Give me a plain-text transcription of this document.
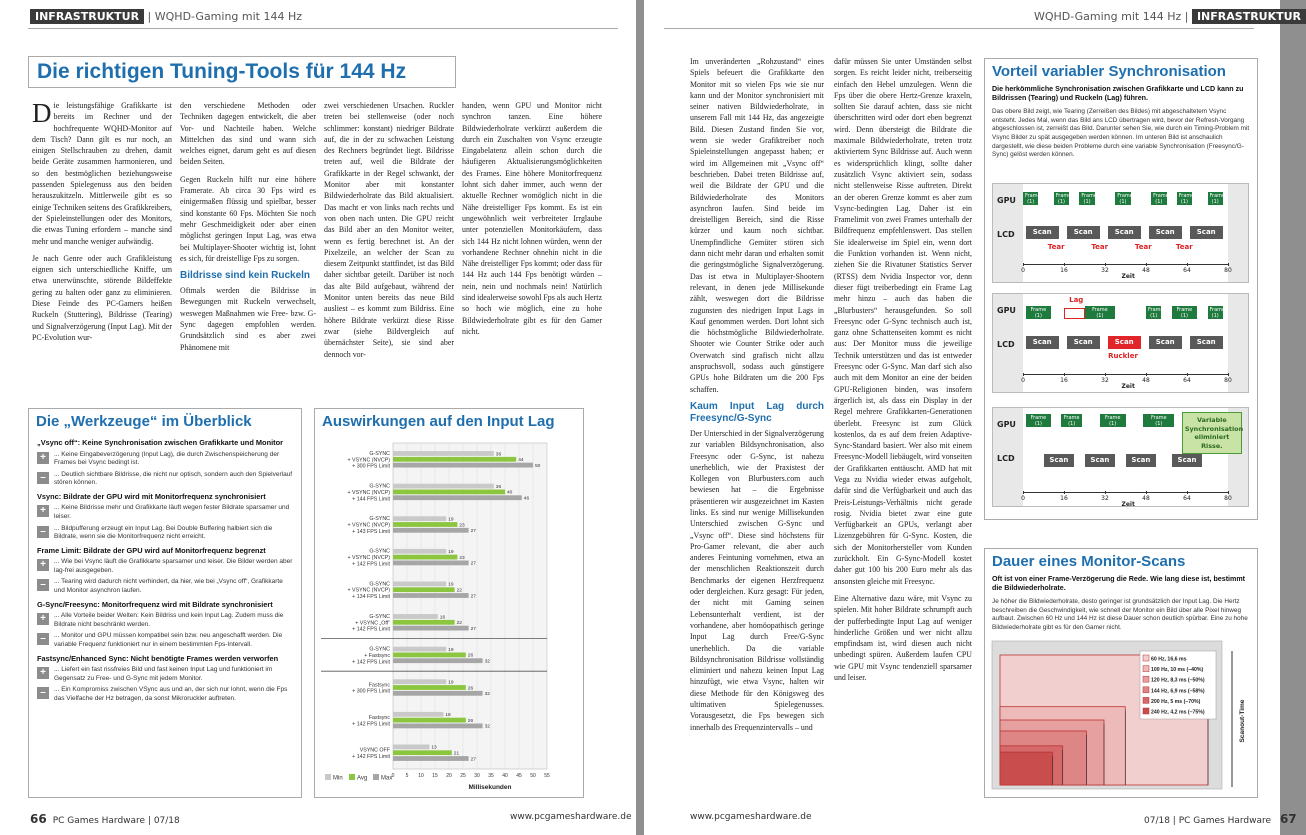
INFRASTRUKTUR | WQHD-Gaming mit 144 Hz
Die richtigen Tuning-Tools für 144 Hz

Die leistungsfähige Grafikkarte ist bereits im Rechner und der hochfrequente WQHD-Monitor auf dem Tisch? Dann gilt es nur noch, an einigen Stellschrauben zu drehen, damit beide Geräte zusammen harmonieren, und so den bestmöglichen beziehungsweise passenden Spielegenuss aus den beiden herauszukitzeln. Mittlerweile gibt es so einige Techniken seitens des Grafikkreibers, der Spieleinstellungen oder des Monitors, die etwas Tuning erfordern – manche sind mehr und manche weniger aufwändig.

Je nach Genre oder auch Grafikleistung eignen sich unterschiedliche Kniffe, um etwa unerwünschte, störende Bildeffekte gering zu halten oder ganz zu eliminieren. Diese Feinde des PC-Gamers heißen Ruckeln (Stuttering), Bildrisse (Tearing) und Signalverzögerung (Input Lag). Mit der PC-Evolution wur-

den verschiedene Methoden oder Techniken dagegen entwickelt, die aber Vor- und Nachteile haben. Welche Mittelchen das sind und wann sich welches eignet, darum geht es auf diesen beiden Seiten.

Gegen Ruckeln hilft nur eine höhere Framerate. Ab circa 30 Fps wird es einigermaßen flüssig und spielbar, besser sind konstante 60 Fps. Möchten Sie noch mehr Geschmeidigkeit oder aber einen möglichst geringen Input Lag, was etwa bei Multiplayer-Shooter wichtig ist, lohnt es sich, für dreistellige Fps zu sorgen.

Bildrisse sind kein Ruckeln

Oftmals werden die Bildrisse in Bewegungen mit Ruckeln verwechselt, weswegen Maßnahmen wie Free- bzw. G-Sync dagegen empfohlen werden. Grundsätzlich sind es aber zwei Phänomene mit

zwei verschiedenen Ursachen. Ruckler treten bei stellenweise (oder noch schlimmer: konstant) niedriger Bildrate auf, die in der zu schwachen Leistung des Rechners begründet liegt. Bildrisse treten auf, weil die Bildrate der Grafikkarte in der Regel schwankt, der Monitor aber mit konstanter Bildwiederholrate das Bild aktualisiert. Das macht er von links nach rechts und von oben nach unten. Die GPU reicht das Bild aber an den Monitor weiter, wenn es fertig berechnet ist. An der Pixelzeile, an welcher der Scan zu diesem Zeitpunkt stattfindet, ist das Bild daher sichtbar geteilt. Darüber ist noch das alte Bild aufgebaut, während der Monitor unten bereits das neue Bild ausliest – es kommt zum Bildriss. Eine höhere Bildrate verkürzt diese Risse zwar (siehe Bildvergleich auf übernächster Seite), sie sind aber dennoch vor-

handen, wenn GPU und Monitor nicht synchron tanzen. Eine höhere Bildwiederholrate verkürzt außerdem die durch ein Zuschalten von Vsync erzeugte Eingabelatenz allein schon durch die häufigeren Aktualisierungsmöglichkeiten des Frames. Eine höhere Monitorfrequenz lohnt sich daher immer, auch wenn der aktuelle Rechner womöglich nicht in die Nähe dreistelliger Fps kommt. Es ist ein ungewöhnlich weit verbreiteter Irrglaube unter potenziellen Monitorkäufern, dass sich 144 Hz nicht lohnen würden, wenn der vorhandene Rechner ohnehin nicht in die Nähe dreistelliger Fps kommt; oder dass für 144 Hz auch 144 Fps benötigt würden – nein, nein und nochmals nein! Natürlich sind idealerweise sowohl Fps als auch Hertz so hoch wie möglich, eine zu hohe Bildwiederholrate gibt es für den Gamer nicht.

Die „Werkzeuge“ im Überblick
„Vsync off“: Keine Synchronisation zwischen Grafikkarte und Monitor
+	... Keine Eingabeverzögerung (Input Lag), die durch Zwischenspeicherung der Frames bei Vsync bedingt ist.
–	... Deutlich sichtbare Bildrisse, die nicht nur optisch, sondern auch den Spielverlauf stören können.
Vsync: Bildrate der GPU wird mit Monitorfrequenz synchronisiert
+	... Keine Bildrisse mehr und Grafikkarte läuft wegen fester Bildrate sparsamer und leiser.
–	... Bildpufferung erzeugt ein Input Lag. Bei Double Buffering halbiert sich die Bildrate, wenn sie die Monitorfrequenz nicht erreicht.
Frame Limit: Bildrate der GPU wird auf Monitorfrequenz begrenzt
+	... Wie bei Vsync läuft die Grafikkarte sparsamer und leiser. Die Bilder werden aber lag-frei ausgegeben.
–	... Tearing wird dadurch nicht verhindert, da hier, wie bei „Vsync off“, Grafikkarte und Monitor asynchron laufen.
G-Sync/Freesync: Monitorfrequenz wird mit Bildrate synchronisiert
+	... Alle Vorteile beider Welten: Kein Bildriss und kein Input Lag. Zudem muss die Bildrate nicht beschränkt werden.
–	... Monitor und GPU müssen kompatibel sein bzw. neu angeschafft werden. Die variable Frequenz funktioniert nur in einem bestimmten Fps-Intervall.
Fastsync/Enhanced Sync: Nicht benötigte Frames werden verworfen
+	... Liefert ein fast rissfreies Bild und fast keinen Input Lag und funktioniert im Gegensatz zu Free- und G-Sync mit jedem Monitor.
–	... Ein Kompromiss zwischen VSync aus und an, der sich nur lohnt, wenn die Fps das Vielfache der Hz betragen, da sonst Mikroruckler auftreten.
Auswirkungen auf den Input Lag
G-SYNC
+ VSYNC (NVCP)
+ 300 FPS Limit
36
44
50
G-SYNC
+ VSYNC (NVCP)
+ 144 FPS Limit
36
40
46
G-SYNC
+ VSYNC (NVCP)
+ 143 FPS Limit
19
23
27
G-SYNC
+ VSYNC (NVCP)
+ 142 FPS Limit
19
23
27
G-SYNC
+ VSYNC (NVCP)
+ 134 FPS Limit
19
22
27
G-SYNC
+ VSYNC „Off“
+ 142 FPS Limit
16
22
27
G-SYNC
+ Fastsync
+ 142 FPS Limit
19
26
32
Fastsync
+ 300 FPS Limit
19
26
32
Fastsync
+ 142 FPS Limit
18
26
32
VSYNC OFF
+ 142 FPS Limit
13
21
27
0 5 10 15 20 25 30 35 40 45 50 55
Millisekunden
Min Avg Max
66 PC Games Hardware | 07/18	www.pcgameshardware.de
WQHD-Gaming mit 144 Hz | INFRASTRUKTUR

Im unveränderten „Rohzustand“ eines Spiels befeuert die Grafikkarte den Monitor mit so vielen Fps wie sie nur kann und der Monitor synchronisiert mit seiner nativen Bildwiederholrate, in unserem Fall mit 144 Hz, das angezeigte Bild. Diesen Zustand finden Sie vor, wenn sie weder Grafiktreiber noch Spieleinstellungen angepasst haben; er wird im Allgemeinen mit „Vsync off“ beschrieben. Dabei treten Bildrisse auf, weil die Bildrate der GPU und die Bildwiederholrate des Monitors asynchron laufen. Sind beide im dreistelligen Bereich, sind die Risse kürzer und kaum noch sichtbar. Unempfindliche Gemüter stören sich dann nicht mehr daran und erhalten somit die geringstmögliche Signalverzögerung. Das ist etwa in Multiplayer-Shootern relevant, in denen jede Millisekunde zählt, weswegen dort die Bildrisse zugunsten des niedrigen Input Lags in Kauf genommen werden. Dort lohnt sich die höchstmögliche Bildwiederholrate. Shooter wie Counter Strike oder auch Overwatch sind grafisch nicht allzu anspruchsvoll, sodass auch günstigere GPUs hohe Bildraten um die 200 Fps schaffen.

Kaum Input Lag durch Freesync/G-Sync

Der Unterschied in der Signalverzögerung zur variablen Bildsynchronisation, also Freesync oder G-Sync, ist nahezu unerheblich, wie der Praxistest der Kollegen von Blurbusters.com auch bewiesen hat – die Ergebnisse präsentieren wir ausgezeichnet im Kasten links. Es sind nur wenige Millisekunden Unterschied zwischen G-Sync und „Vsync off“. Diese sind höchstens für Pro-Gamer relevant, die aber auch anderes Feintuning vornehmen, etwa an der menschlichen Reaktionszeit durch Benchmarks der eigenen Herzfrequenz oder dergleichen. Kurz gesagt: Für jeden, der nicht mit Gaming seinen Lebensunterhalt verdient, ist der vorhandene, aber homöopathisch geringe Input Lag durch Free/G-Sync unerheblich. Da die variable Bildsynchronisation Bildrisse vollständig eliminiert und nahezu keinen Input Lag hinzufügt, wie etwa Vsync, halten wir diese Methode für den Königsweg des ultimativen Spielegenusses. Vorausgesetzt, die Fps bewegen sich innerhalb des Frequenzintervalls – und

dafür müssen Sie unter Umständen selbst sorgen. Es reicht leider nicht, treiberseitig einfach den Hebel umzulegen. Wenn die Fps über die obere Hertz-Grenze kraxeln, sollten Sie darauf achten, dass sie nicht überschritten wird oder dort eben begrenzt wird. Denn übersteigt die Bildrate die maximale Bildwiederholrate, treten trotz aktiviertem Sync Bildrisse auf. Auch wenn es widersprüchlich klingt, sollte daher zusätzlich Vsync aktiviert sein, sodass nicht stellenweise Risse auftreten. Direkt an der oberen Grenze kommt es aber zum Vsync-bedingten Lag. Daher ist ein Framelimit von zwei Frames unterhalb der Bildfrequenz empfehlenswert. Das stellen Sie idealerweise im Spiel ein, wenn dort die Funktion vorhanden ist. Wenn nicht, ziehen Sie die Rivatuner Statistics Server (RTSS) dem Nvidia Inspector vor, denn dieser fügt treiberbedingt ein Frame Lag mehr hinzu – auch das haben die „Blurbusters“ herausgefunden. So soll Freesync oder G-Sync technisch auch ist, ganz ohne Schattenseiten kommt es nicht aus: Der Monitor muss die jeweilige Technik unterstützen und das ist entweder Freesync oder G-Sync. Man darf sich also auch mit dem Monitor an eine der beiden GPU-Religionen binden, was insofern ärgerlich ist, als dass ein Display in der Regel mehrere Grafikkarten-Generationen überlebt. Freesync ist zum Glück kostenlos, da es auf dem freien Adaptive-Sync-Standard basiert. Wer also mit einem Freesync-Modell liebäugelt, wird vonseiten der Grafikkarten enttäuscht. AMD hat mit Vega zu Nvidia wieder etwas aufgeholt, dafür sind die Verfügbarkeit und auch das Preis-Leistungs-Verhältnis nicht gerade rosig. Nvidia bietet zwar eine gute Verfügbarkeit an GPUs, verlangt aber Lizenzgebühren für G-Sync. Kosten, die sich der Monitorhersteller vom Kunden zurückholt. Ein G-Sync-Modell kostet daher gut 100 bis 200 Euro mehr als das ansonsten gleiche mit Freesync.

Eine Alternative dazu wäre, mit Vsync zu spielen. Mit hoher Bildrate schrumpft auch der pufferbedingte Input Lag auf weniger hinderliche Größen und wer nicht allzu empfindsam ist, wird diesen auch nicht unbedingt spüren. Außerdem laufen CPU wie GPU mit Vsync tendenziell sparsamer und leiser.

Vorteil variabler Synchronisation
Die herkömmliche Synchronisation zwischen Grafikkarte und LCD kann zu Bildrissen (Tearing) und Ruckeln (Lag) führen.
Das obere Bild zeigt, wie Tearing (Zerreißen des Bildes) mit abgeschaltetem Vsync entsteht. Jedes Mal, wenn das Bild ans LCD übertragen wird, bevor der Refresh-Vorgang abgeschlossen ist, zerreißt das Bild. Darunter sehen Sie, wie durch ein Timing-Problem mit Vsync Bilder zu spät ausgegeben werden können. Im unteren Bild ist anschaulich dargestellt, wie diese beiden Probleme durch eine variable Synchronisation (Freesync/G-Sync) gelöst werden können.
GPU
LCD
0	16	32	48	64	80
Zeit
Frame
(1)
Frame
(1)
Frame
(1)
Frame
(1)
Frame
(1)
Frame
(1)
Frame
(1)
Scan	Scan	Scan	Scan	Scan
Tear	Tear	Tear	Tear
GPU
LCD
0	16	32	48	64	80
Zeit
Frame
(1)
Frame
(1)
Frame
(1)
Frame
(1)
Frame
(1)
Scan	Scan	Scan	Scan	Scan
Lag
Ruckler
GPU
LCD
0	16	32	48	64	80
Zeit
Frame
(1)
Frame
(1)
Frame
(1)
Frame
(1)
Scan	Scan	Scan	Scan
Variable Synchronisation eliminiert Risse.
Dauer eines Monitor-Scans
Oft ist von einer Frame-Verzögerung die Rede. Wie lang diese ist, bestimmt die Bildwiederholrate.
Je höher die Bildwiederholrate, desto geringer ist grundsätzlich der Input Lag. Die Hertz beschreiben die Geschwindigkeit, wie schnell der Monitor ein Bild über alle Pixel hinweg aufbaut. Zwischen 60 Hz und 144 Hz ist diese Dauer schon deutlich spürbar. Eine zu hohe Bildwiederholrate gibt es für den Gamer nicht.
60 Hz, 16,6 ms
100 Hz, 10 ms (–40%)
120 Hz, 8,3 ms (–50%)
144 Hz, 6,9 ms (–58%)
200 Hz, 5 ms (–70%)
240 Hz, 4,2 ms (–75%)	Scanout-Time
www.pcgameshardware.de	07/18 | PC Games Hardware 67
